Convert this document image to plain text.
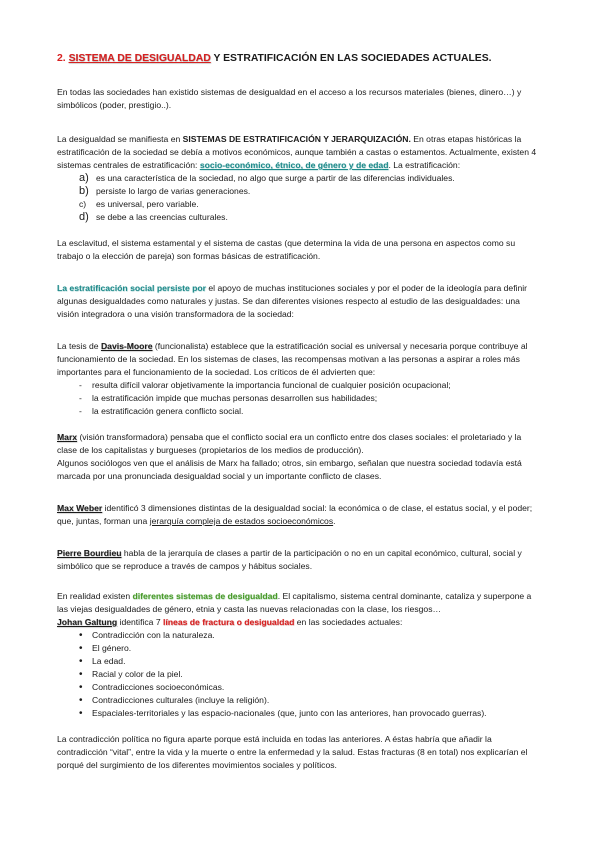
2. SISTEMA DE DESIGUALDAD Y ESTRATIFICACIÓN EN LAS SOCIEDADES ACTUALES.

En todas las sociedades han existido sistemas de desigualdad en el acceso a los recursos materiales (bienes, dinero…) y simbólicos (poder, prestigio..).

La desigualdad se manifiesta en SISTEMAS DE ESTRATIFICACIÓN Y JERARQUIZACIÓN. En otras etapas históricas la estratificación de la sociedad se debía a motivos económicos, aunque también a castas o estamentos. Actualmente, existen 4 sistemas centrales de estratificación: socio-económico, étnico, de género y de edad. La estratificación:

a) es una característica de la sociedad, no algo que surge a partir de las diferencias individuales.
b) persiste lo largo de varias generaciones.
c)	es universal, pero variable.
d) se debe a las creencias culturales.

La esclavitud, el sistema estamental y el sistema de castas (que determina la vida de una persona en aspectos como su trabajo o la elección de pareja) son formas básicas de estratificación.

La estratificación social persiste por el apoyo de muchas instituciones sociales y por el poder de la ideología para definir algunas desigualdades como naturales y justas. Se dan diferentes visiones respecto al estudio de las desigualdades: una visión integradora o una visión transformadora de la sociedad:

La tesis de Davis-Moore (funcionalista) establece que la estratificación social es universal y necesaria porque contribuye al funcionamiento de la sociedad. En los sistemas de clases, las recompensas motivan a las personas a aspirar a roles más importantes para el funcionamiento de la sociedad. Los críticos de él advierten que:

-	resulta difícil valorar objetivamente la importancia funcional de cualquier posición ocupacional;
-	la estratificación impide que muchas personas desarrollen sus habilidades;
-	la estratificación genera conflicto social.

Marx (visión transformadora) pensaba que el conflicto social era un conflicto entre dos clases sociales: el proletariado y la clase de los capitalistas y burgueses (propietarios de los medios de producción).

Algunos sociólogos ven que el análisis de Marx ha fallado; otros, sin embargo, señalan que nuestra sociedad todavía está marcada por una pronunciada desigualdad social y un importante conflicto de clases.

Max Weber identificó 3 dimensiones distintas de la desigualdad social: la económica o de clase, el estatus social, y el poder; que, juntas, forman una jerarquía compleja de estados socioeconómicos.

Pierre Bourdieu habla de la jerarquía de clases a partir de la participación o no en un capital económico, cultural, social y simbólico que se reproduce a través de campos y hábitus sociales.

En realidad existen diferentes sistemas de desigualdad. El capitalismo, sistema central dominante, cataliza y superpone a las viejas desigualdades de género, etnia y casta las nuevas relacionadas con la clase, los riesgos…
Johan Galtung identifica 7 líneas de fractura o desigualdad en las sociedades actuales:

•	Contradicción con la naturaleza.
•	El género.
•	La edad.
•	Racial y color de la piel.
•	Contradicciones socioeconómicas.
•	Contradicciones culturales (incluye la religión).
•	Espaciales-territoriales y las espacio-nacionales (que, junto con las anteriores, han provocado guerras).

La contradicción política no figura aparte porque está incluida en todas las anteriores. A éstas habría que añadir la contradicción “vital”, entre la vida y la muerte o entre la enfermedad y la salud. Estas fracturas (8 en total) nos explicarían el porqué del surgimiento de los diferentes movimientos sociales y políticos.
